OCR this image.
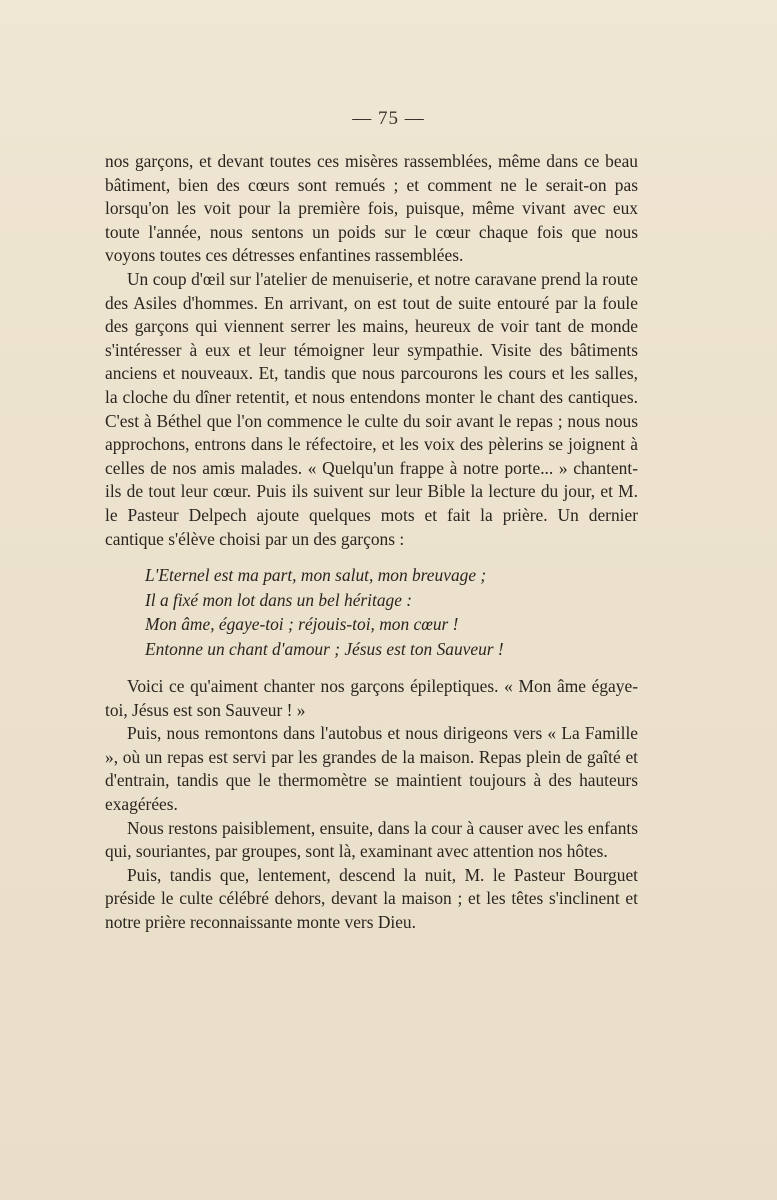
— 75 —

nos garçons, et devant toutes ces misères rassemblées, même dans ce beau bâtiment, bien des cœurs sont remués ; et comment ne le serait-on pas lorsqu'on les voit pour la première fois, puisque, même vivant avec eux toute l'année, nous sentons un poids sur le cœur chaque fois que nous voyons toutes ces détresses enfantines rassemblées.

Un coup d'œil sur l'atelier de menuiserie, et notre caravane prend la route des Asiles d'hommes. En arrivant, on est tout de suite entouré par la foule des garçons qui viennent serrer les mains, heureux de voir tant de monde s'intéresser à eux et leur témoigner leur sympathie. Visite des bâtiments anciens et nouveaux. Et, tandis que nous parcourons les cours et les salles, la cloche du dîner retentit, et nous entendons monter le chant des cantiques. C'est à Béthel que l'on commence le culte du soir avant le repas ; nous nous approchons, entrons dans le réfectoire, et les voix des pèlerins se joignent à celles de nos amis malades. « Quelqu'un frappe à notre porte... » chantent-ils de tout leur cœur. Puis ils suivent sur leur Bible la lecture du jour, et M. le Pasteur Delpech ajoute quelques mots et fait la prière. Un dernier cantique s'élève choisi par un des garçons :

L'Eternel est ma part, mon salut, mon breuvage ;
Il a fixé mon lot dans un bel héritage :
Mon âme, égaye-toi ; réjouis-toi, mon cœur !
Entonne un chant d'amour ; Jésus est ton Sauveur !

Voici ce qu'aiment chanter nos garçons épileptiques. « Mon âme égaye-toi, Jésus est son Sauveur ! »

Puis, nous remontons dans l'autobus et nous dirigeons vers « La Famille », où un repas est servi par les grandes de la maison. Repas plein de gaîté et d'entrain, tandis que le thermomètre se maintient toujours à des hauteurs exagérées.

Nous restons paisiblement, ensuite, dans la cour à causer avec les enfants qui, souriantes, par groupes, sont là, examinant avec attention nos hôtes.

Puis, tandis que, lentement, descend la nuit, M. le Pasteur Bourguet préside le culte célébré dehors, devant la maison ; et les têtes s'inclinent et notre prière reconnaissante monte vers Dieu.
